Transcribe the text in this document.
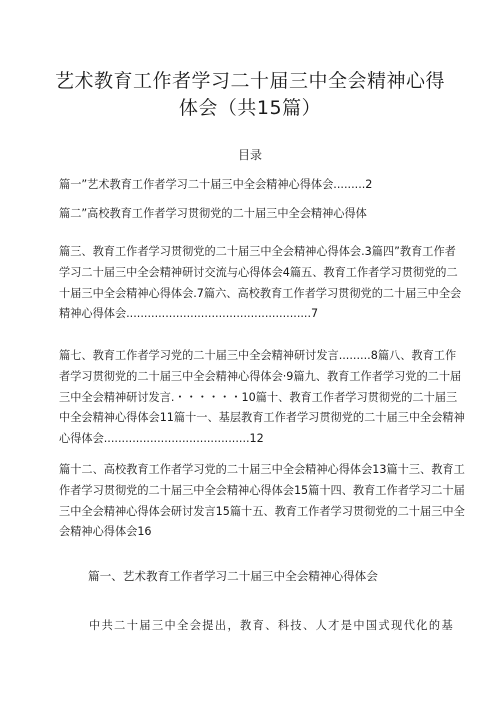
艺术教育工作者学习二十届三中全会精神心得
体会（共15篇）
目录
篇一”艺术教育工作者学习二十届三中全会精神心得体会.........2
篇二”高校教育工作者学习贯彻党的二十届三中全会精神心得体
篇三、教育工作者学习贯彻党的二十届三中全会精神心得体会.3篇四”教育工作者学习二十届三中全会精神研讨交流与心得体会4篇五、教育工作者学习贯彻党的二十届三中全会精神心得体会.7篇六、高校教育工作者学习贯彻党的二十届三中全会精神心得体会....................................................7
篇七、教育工作者学习党的二十届三中全会精神研讨发言.........8篇八、教育工作者学习贯彻党的二十届三中全会精神心得体会·9篇九、教育工作者学习党的二十届三中全会精神研讨发言.・・・・・・10篇十、教育工作者学习贯彻党的二十届三中全会精神心得体会11篇十一、基层教育工作者学习贯彻党的二十届三中全会精神心得体会.........................................12
篇十二、高校教育工作者学习党的二十届三中全会精神心得体会13篇十三、教育工作者学习贯彻党的二十届三中全会精神心得体会15篇十四、教育工作者学习二十届三中全会精神心得体会研讨发言15篇十五、教育工作者学习贯彻党的二十届三中全会精神心得体会16
篇一、艺术教育工作者学习二十届三中全会精神心得体会
中共二十届三中全会提出，教育、科技、人才是中国式现代化的基
